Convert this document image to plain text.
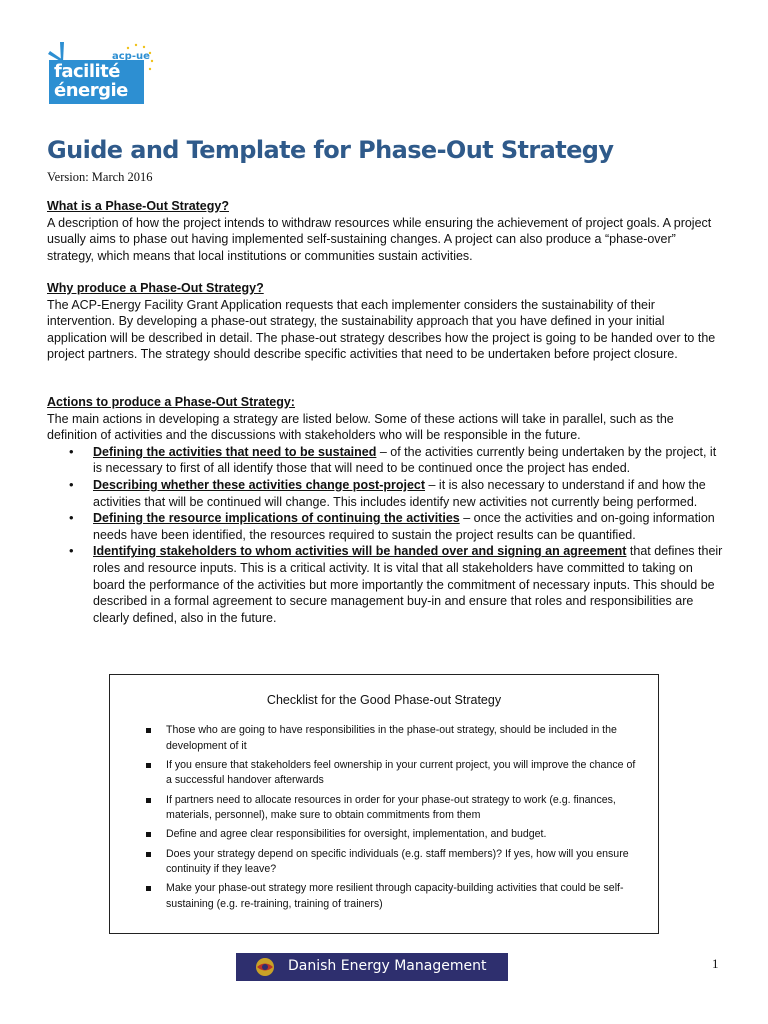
acp-ue
facilité
énergie
Guide and Template for Phase-Out Strategy
Version: March 2016
What is a Phase-Out Strategy?
A description of how the project intends to withdraw resources while ensuring the achievement of project goals. A project usually aims to phase out having implemented self-sustaining changes. A project can also produce a “phase-over” strategy, which means that local institutions or communities sustain activities.
Why produce a Phase-Out Strategy?
The ACP-Energy Facility Grant Application requests that each implementer considers the sustainability of their intervention. By developing a phase-out strategy, the sustainability approach that you have defined in your initial application will be described in detail. The phase-out strategy describes how the project is going to be handed over to the project partners. The strategy should describe specific activities that need to be undertaken before project closure.
Actions to produce a Phase-Out Strategy:
The main actions in developing a strategy are listed below. Some of these actions will take in parallel, such as the definition of activities and the discussions with stakeholders who will be responsible in the future.
• Defining the activities that need to be sustained – of the activities currently being undertaken by the project, it is necessary to first of all identify those that will need to be continued once the project has ended.
• Describing whether these activities change post-project – it is also necessary to understand if and how the activities that will be continued will change. This includes identify new activities not currently being performed.
• Defining the resource implications of continuing the activities – once the activities and on-going information needs have been identified, the resources required to sustain the project results can be quantified.
• Identifying stakeholders to whom activities will be handed over and signing an agreement that defines their roles and resource inputs. This is a critical activity. It is vital that all stakeholders have committed to taking on board the performance of the activities but more importantly the commitment of necessary inputs. This should be described in a formal agreement to secure management buy-in and ensure that roles and responsibilities are clearly defined, also in the future.
Checklist for the Good Phase-out Strategy
Those who are going to have responsibilities in the phase-out strategy, should be included in the development of it
If you ensure that stakeholders feel ownership in your current project, you will improve the chance of a successful handover afterwards
If partners need to allocate resources in order for your phase-out strategy to work (e.g. finances, materials, personnel), make sure to obtain commitments from them
Define and agree clear responsibilities for oversight, implementation, and budget.
Does your strategy depend on specific individuals (e.g. staff members)? If yes, how will you ensure continuity if they leave?
Make your phase-out strategy more resilient through capacity-building activities that could be self-sustaining (e.g. re-training, training of trainers)
Danish Energy Management	1
